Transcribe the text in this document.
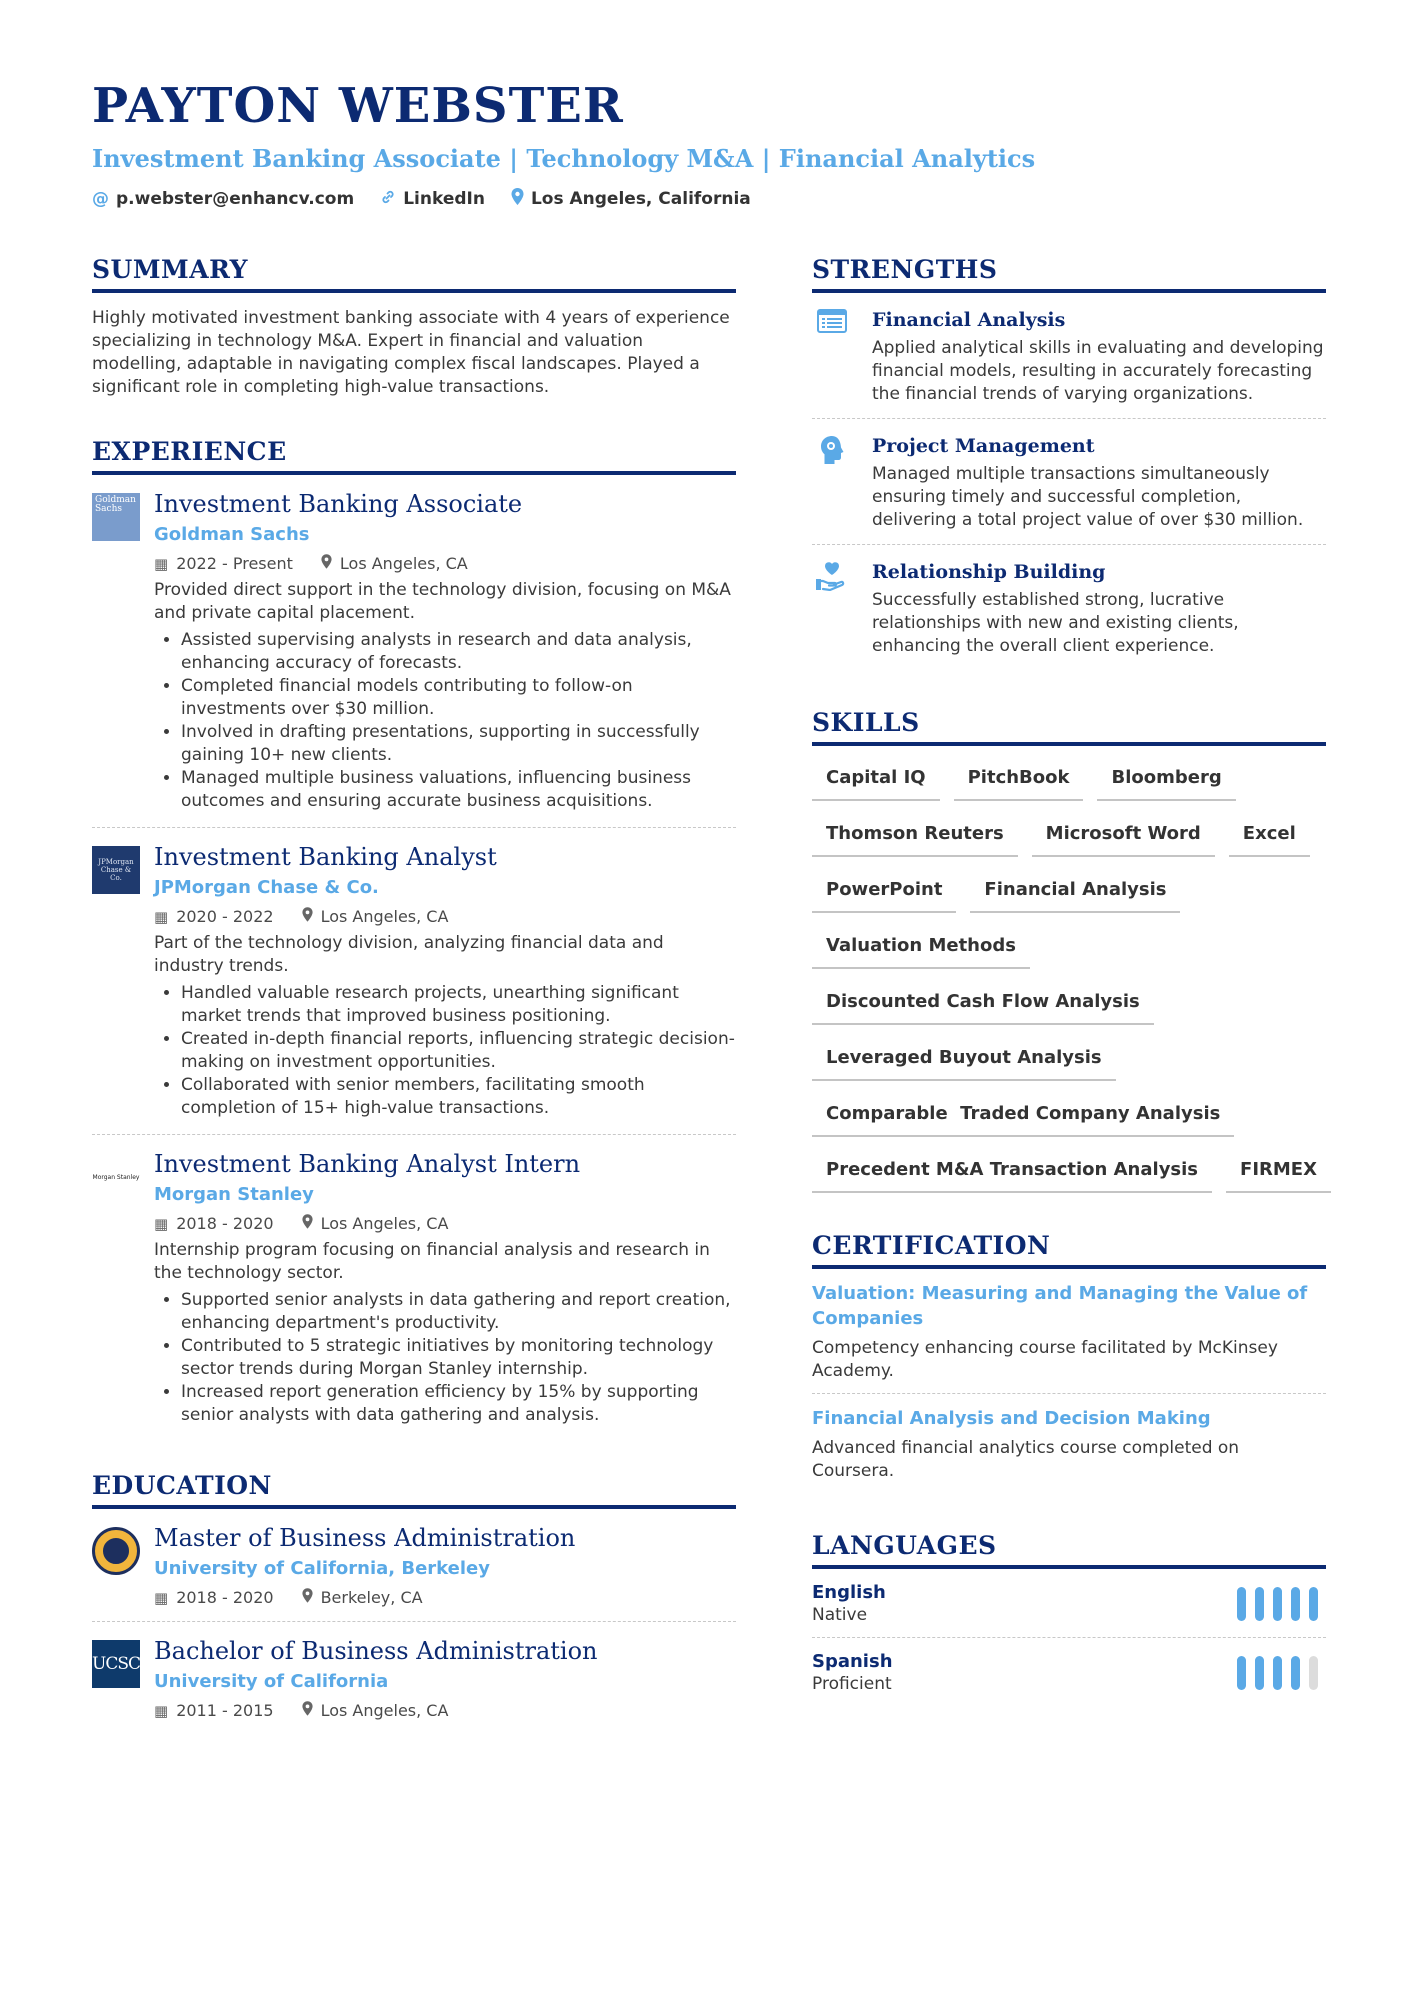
PAYTON WEBSTER
Investment Banking Associate | Technology M&A | Financial Analytics
@ p.webster@enhancv.com	LinkedIn	Los Angeles, California
SUMMARY
Highly motivated investment banking associate with 4 years of experience specializing in technology M&A. Expert in financial and valuation modelling, adaptable in navigating complex fiscal landscapes. Played a significant role in completing high-value transactions.
EXPERIENCE
Goldman Sachs	Investment Banking Associate
Goldman Sachs
▦ 2022 - Present	Los Angeles, CA
Provided direct support in the technology division, focusing on M&A and private capital placement.
• Assisted supervising analysts in research and data analysis, enhancing accuracy of forecasts.
• Completed financial models contributing to follow-on investments over $30 million.
• Involved in drafting presentations, supporting in successfully gaining 10+ new clients.
• Managed multiple business valuations, influencing business outcomes and ensuring accurate business acquisitions.
JPMorgan Chase & Co.
Investment Banking Analyst
JPMorgan Chase & Co.
▦ 2020 - 2022	Los Angeles, CA
Part of the technology division, analyzing financial data and industry trends.
• Handled valuable research projects, unearthing significant market trends that improved business positioning.
• Created in-depth financial reports, influencing strategic decision-making on investment opportunities.
• Collaborated with senior members, facilitating smooth completion of 15+ high-value transactions.
Morgan Stanley Investment Banking Analyst Intern
Morgan Stanley
▦ 2018 - 2020	Los Angeles, CA
Internship program focusing on financial analysis and research in the technology sector.
• Supported senior analysts in data gathering and report creation, enhancing department's productivity.
• Contributed to 5 strategic initiatives by monitoring technology sector trends during Morgan Stanley internship.
• Increased report generation efficiency by 15% by supporting senior analysts with data gathering and analysis.
EDUCATION
Master of Business Administration
University of California, Berkeley
▦ 2018 - 2020	Berkeley, CA
UCSC Bachelor of Business Administration
University of California
▦ 2011 - 2015	Los Angeles, CA
STRENGTHS
Financial Analysis
Applied analytical skills in evaluating and developing financial models, resulting in accurately forecasting the financial trends of varying organizations.
Project Management
Managed multiple transactions simultaneously ensuring timely and successful completion, delivering a total project value of over $30 million.
Relationship Building
Successfully established strong, lucrative relationships with new and existing clients, enhancing the overall client experience.
SKILLS
Capital IQ	PitchBook	Bloomberg
Thomson Reuters	Microsoft Word	Excel
PowerPoint	Financial Analysis
Valuation Methods
Discounted Cash Flow Analysis
Leveraged Buyout Analysis
Comparable  Traded Company Analysis
Precedent M&A Transaction Analysis	FIRMEX
CERTIFICATION
Valuation: Measuring and Managing the Value of Companies
Competency enhancing course facilitated by McKinsey Academy.
Financial Analysis and Decision Making
Advanced financial analytics course completed on Coursera.
LANGUAGES
English
Native
Spanish
Proficient
